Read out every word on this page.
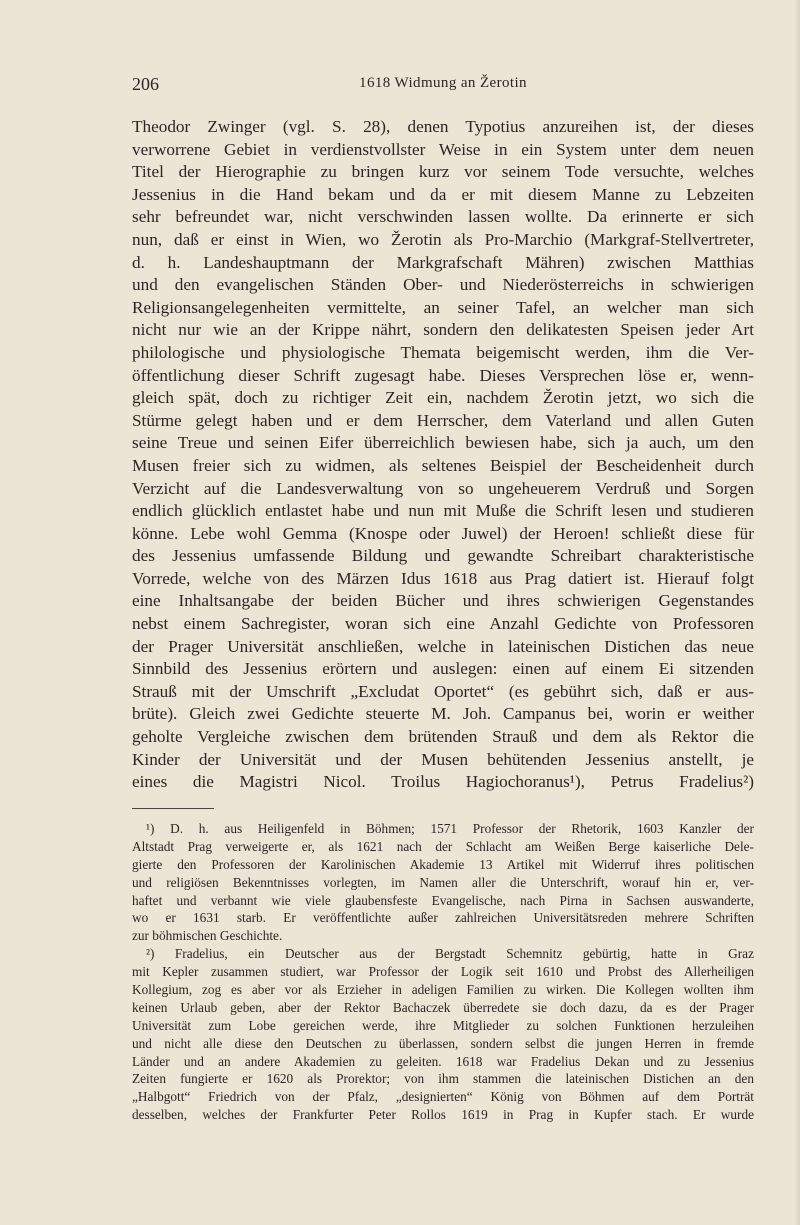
206	1618 Widmung an Žerotin
Theodor Zwinger (vgl. S. 28), denen Typotius anzureihen ist, der dieses
verworrene Gebiet in verdienstvollster Weise in ein System unter dem neuen
Titel der Hierographie zu bringen kurz vor seinem Tode versuchte, welches
Jessenius in die Hand bekam und da er mit diesem Manne zu Lebzeiten
sehr befreundet war, nicht verschwinden lassen wollte. Da erinnerte er sich
nun, daß er einst in Wien, wo Žerotin als Pro-Marchio (Markgraf-Stellvertreter,
d. h. Landeshauptmann der Markgrafschaft Mähren) zwischen Matthias
und den evangelischen Ständen Ober- und Niederösterreichs in schwierigen
Religionsangelegenheiten vermittelte, an seiner Tafel, an welcher man sich
nicht nur wie an der Krippe nährt, sondern den delikatesten Speisen jeder Art
philologische und physiologische Themata beigemischt werden, ihm die Ver-
öffentlichung dieser Schrift zugesagt habe. Dieses Versprechen löse er, wenn-
gleich spät, doch zu richtiger Zeit ein, nachdem Žerotin jetzt, wo sich die
Stürme gelegt haben und er dem Herrscher, dem Vaterland und allen Guten
seine Treue und seinen Eifer überreichlich bewiesen habe, sich ja auch, um den
Musen freier sich zu widmen, als seltenes Beispiel der Bescheidenheit durch
Verzicht auf die Landesverwaltung von so ungeheuerem Verdruß und Sorgen
endlich glücklich entlastet habe und nun mit Muße die Schrift lesen und studieren
könne. Lebe wohl Gemma (Knospe oder Juwel) der Heroen! schließt diese für
des Jessenius umfassende Bildung und gewandte Schreibart charakteristische
Vorrede, welche von des Märzen Idus 1618 aus Prag datiert ist. Hierauf folgt
eine Inhaltsangabe der beiden Bücher und ihres schwierigen Gegenstandes
nebst einem Sachregister, woran sich eine Anzahl Gedichte von Professoren
der Prager Universität anschließen, welche in lateinischen Distichen das neue
Sinnbild des Jessenius erörtern und auslegen: einen auf einem Ei sitzenden
Strauß mit der Umschrift „Excludat Oportet“ (es gebührt sich, daß er aus-
brüte). Gleich zwei Gedichte steuerte M. Joh. Campanus bei, worin er weither
geholte Vergleiche zwischen dem brütenden Strauß und dem als Rektor die
Kinder der Universität und der Musen behütenden Jessenius anstellt, je
eines die Magistri Nicol. Troilus Hagiochoranus¹), Petrus Fradelius²)
¹) D. h. aus Heiligenfeld in Böhmen; 1571 Professor der Rhetorik, 1603 Kanzler der
Altstadt Prag verweigerte er, als 1621 nach der Schlacht am Weißen Berge kaiserliche Dele-
gierte den Professoren der Karolinischen Akademie 13 Artikel mit Widerruf ihres politischen
und religiösen Bekenntnisses vorlegten, im Namen aller die Unterschrift, worauf hin er, ver-
haftet und verbannt wie viele glaubensfeste Evangelische, nach Pirna in Sachsen auswanderte,
wo er 1631 starb. Er veröffentlichte außer zahlreichen Universitätsreden mehrere Schriften
zur böhmischen Geschichte.
²) Fradelius, ein Deutscher aus der Bergstadt Schemnitz gebürtig, hatte in Graz
mit Kepler zusammen studiert, war Professor der Logik seit 1610 und Probst des Allerheiligen
Kollegium, zog es aber vor als Erzieher in adeligen Familien zu wirken. Die Kollegen wollten ihm
keinen Urlaub geben, aber der Rektor Bachaczek überredete sie doch dazu, da es der Prager
Universität zum Lobe gereichen werde, ihre Mitglieder zu solchen Funktionen herzuleihen
und nicht alle diese den Deutschen zu überlassen, sondern selbst die jungen Herren in fremde
Länder und an andere Akademien zu geleiten. 1618 war Fradelius Dekan und zu Jessenius
Zeiten fungierte er 1620 als Prorektor; von ihm stammen die lateinischen Distichen an den
„Halbgott“ Friedrich von der Pfalz, „designierten“ König von Böhmen auf dem Porträt
desselben, welches der Frankfurter Peter Rollos 1619 in Prag in Kupfer stach. Er wurde
